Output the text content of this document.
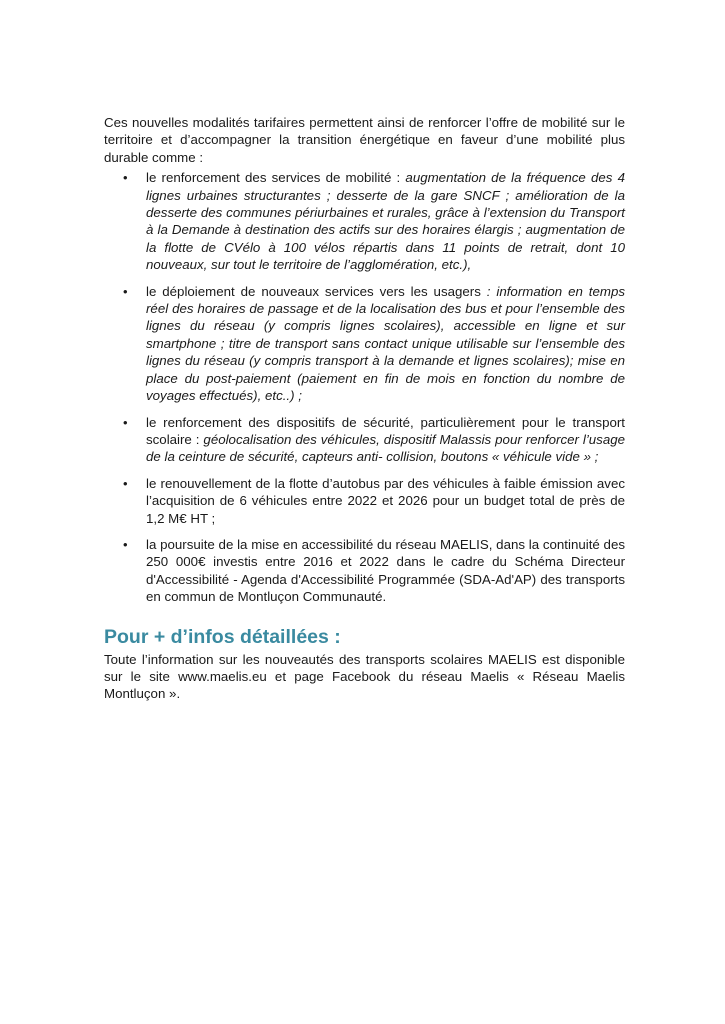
Ces nouvelles modalités tarifaires permettent ainsi de renforcer l’offre de mobilité sur le territoire et d’accompagner la transition énergétique en faveur d’une mobilité plus durable comme :

• le renforcement des services de mobilité : augmentation de la fréquence des 4 lignes urbaines structurantes ; desserte de la gare SNCF ; amélioration de la desserte des communes périurbaines et rurales, grâce à l’extension du Transport à la Demande à destination des actifs sur des horaires élargis ; augmentation de la flotte de CVélo à 100 vélos répartis dans 11 points de retrait, dont 10 nouveaux, sur tout le territoire de l’agglomération, etc.),
• le déploiement de nouveaux services vers les usagers : information en temps réel des horaires de passage et de la localisation des bus et pour l’ensemble des lignes du réseau (y compris lignes scolaires), accessible en ligne et sur smartphone ; titre de transport sans contact unique utilisable sur l’ensemble des lignes du réseau (y compris transport à la demande et lignes scolaires); mise en place du post-paiement (paiement en fin de mois en fonction du nombre de voyages effectués), etc..) ;
• le renforcement des dispositifs de sécurité, particulièrement pour le transport scolaire : géolocalisation des véhicules, dispositif Malassis pour renforcer l’usage de la ceinture de sécurité, capteurs anti- collision, boutons « véhicule vide » ;
• le renouvellement de la flotte d’autobus par des véhicules à faible émission avec l’acquisition de 6 véhicules entre 2022 et 2026 pour un budget total de près de 1,2 M€ HT ;
• la poursuite de la mise en accessibilité du réseau MAELIS, dans la continuité des 250 000€ investis entre 2016 et 2022 dans le cadre du Schéma Directeur d'Accessibilité - Agenda d'Accessibilité Programmée (SDA-Ad'AP) des transports en commun de Montluçon Communauté.
Pour + d’infos détaillées :

Toute l’information sur les nouveautés des transports scolaires MAELIS est disponible sur le site www.maelis.eu et page Facebook du réseau Maelis « Réseau Maelis Montluçon ».
